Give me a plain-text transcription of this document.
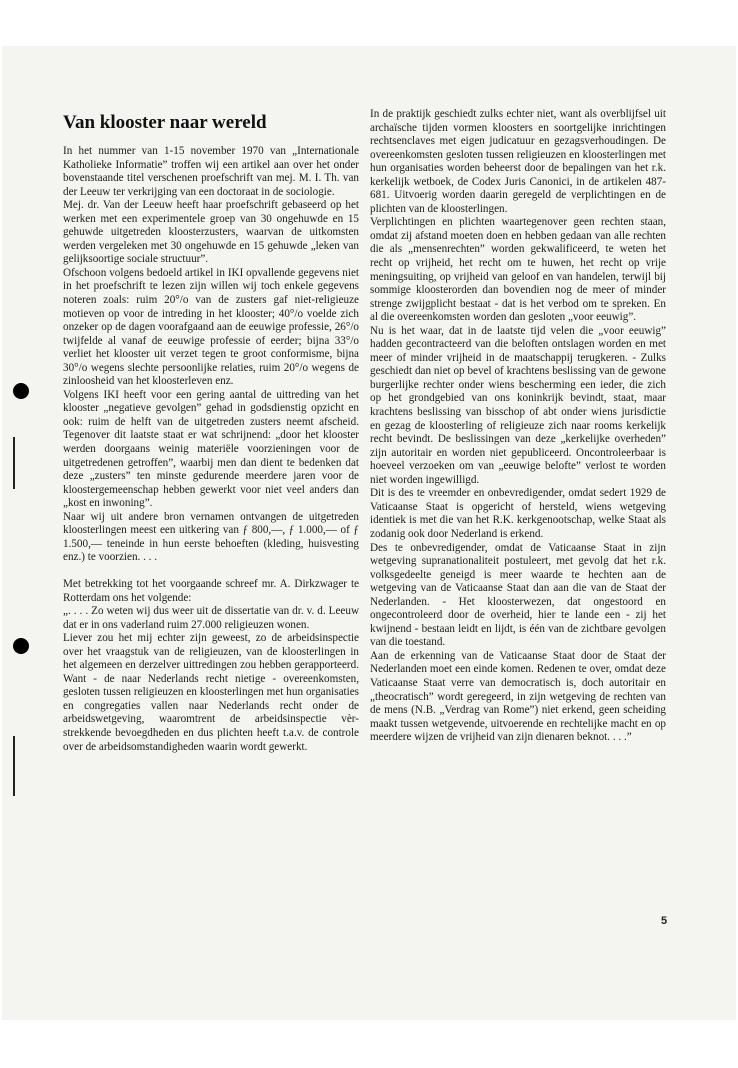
Van klooster naar wereld

In het nummer van 1-15 november 1970 van „Internationale Katholieke Informatie” troffen wij een artikel aan over het onder bovenstaande titel verschenen proefschrift van mej. M. I. Th. van der Leeuw ter verkrijging van een doctoraat in de sociologie.

Mej. dr. Van der Leeuw heeft haar proefschrift gebaseerd op het werken met een experimentele groep van 30 ongehuwde en 15 gehuwde uitgetreden kloosterzusters, waarvan de uitkomsten werden vergeleken met 30 ongehuwde en 15 gehuwde „leken van gelijksoortige sociale structuur”.

Ofschoon volgens bedoeld artikel in IKI opvallende gegevens niet in het proefschrift te lezen zijn willen wij toch enkele gegevens noteren zoals: ruim 20°/o van de zusters gaf niet-religieuze motieven op voor de intreding in het klooster; 40°/o voelde zich onzeker op de dagen voorafgaand aan de eeuwige professie, 26°/o twijfelde al vanaf de eeuwige professie of eerder; bijna 33°/o verliet het klooster uit verzet tegen te groot conformisme, bijna 30°/o wegens slechte persoonlijke relaties, ruim 20°/o wegens de zinloosheid van het kloosterleven enz.

Volgens IKI heeft voor een gering aantal de uittreding van het klooster „negatieve gevolgen” gehad in godsdienstig opzicht en ook: ruim de helft van de uitgetreden zusters neemt afscheid. Tegenover dit laatste staat er wat schrijnend: „door het klooster werden doorgaans weinig materiële voorzieningen voor de uitgetredenen getroffen”, waarbij men dan dient te bedenken dat deze „zusters” ten minste gedurende meerdere jaren voor de kloostergemeenschap hebben gewerkt voor niet veel anders dan „kost en inwoning”.

Naar wij uit andere bron vernamen ontvangen de uitgetreden kloosterlingen meest een uitkering van ƒ 800,—, ƒ 1.000,— of ƒ 1.500,— teneinde in hun eerste behoeften (kleding, huisvesting enz.) te voorzien. . . .

Met betrekking tot het voorgaande schreef mr. A. Dirkzwager te Rotterdam ons het volgende:

„. . . . Zo weten wij dus weer uit de dissertatie van dr. v. d. Leeuw dat er in ons vaderland ruim 27.000 religieuzen wonen.

Liever zou het mij echter zijn geweest, zo de arbeidsinspectie over het vraagstuk van de religieuzen, van de kloosterlingen in het algemeen en derzelver uittredingen zou hebben gerapporteerd. Want - de naar Nederlands recht nietige - overeenkomsten, gesloten tussen religieuzen en kloosterlingen met hun organisaties en congregaties vallen naar Nederlands recht onder de arbeidswetgeving, waaromtrent de arbeidsinspectie vèr-strekkende bevoegdheden en dus plichten heeft t.a.v. de controle over de arbeidsomstandigheden waarin wordt gewerkt.

In de praktijk geschiedt zulks echter niet, want als overblijfsel uit archaïsche tijden vormen kloosters en soortgelijke inrichtingen rechtsenclaves met eigen judicatuur en gezagsverhoudingen. De overeenkomsten gesloten tussen religieuzen en kloosterlingen met hun organisaties worden beheerst door de bepalingen van het r.k. kerkelijk wetboek, de Codex Juris Canonici, in de artikelen 487-681. Uitvoerig worden daarin geregeld de verplichtingen en de plichten van de kloosterlingen.

Verplichtingen en plichten waartegenover geen rechten staan, omdat zij afstand moeten doen en hebben gedaan van alle rechten die als „mensenrechten” worden gekwalificeerd, te weten het recht op vrijheid, het recht om te huwen, het recht op vrije meningsuiting, op vrijheid van geloof en van handelen, terwijl bij sommige kloosterorden dan bovendien nog de meer of minder strenge zwijgplicht bestaat - dat is het verbod om te spreken. En al die overeenkomsten worden dan gesloten „voor eeuwig”.

Nu is het waar, dat in de laatste tijd velen die „voor eeuwig” hadden gecontracteerd van die beloften ontslagen worden en met meer of minder vrijheid in de maatschappij terugkeren. - Zulks geschiedt dan niet op bevel of krachtens beslissing van de gewone burgerlijke rechter onder wiens bescherming een ieder, die zich op het grondgebied van ons koninkrijk bevindt, staat, maar krachtens beslissing van bisschop of abt onder wiens jurisdictie en gezag de kloosterling of religieuze zich naar rooms kerkelijk recht bevindt. De beslissingen van deze „kerkelijke overheden” zijn autoritair en worden niet gepubliceerd. Oncontroleerbaar is hoeveel verzoeken om van „eeuwige belofte” verlost te worden niet worden ingewilligd.

Dit is des te vreemder en onbevredigender, omdat sedert 1929 de Vaticaanse Staat is opgericht of hersteld, wiens wetgeving identiek is met die van het R.K. kerkgenootschap, welke Staat als zodanig ook door Nederland is erkend.

Des te onbevredigender, omdat de Vaticaanse Staat in zijn wetgeving supranationaliteit postuleert, met gevolg dat het r.k. volksgedeelte geneigd is meer waarde te hechten aan de wetgeving van de Vaticaanse Staat dan aan die van de Staat der Nederlanden. - Het kloosterwezen, dat ongestoord en ongecontroleerd door de overheid, hier te lande een - zij het kwijnend - bestaan leidt en lijdt, is één van de zichtbare gevolgen van die toestand.

Aan de erkenning van de Vaticaanse Staat door de Staat der Nederlanden moet een einde komen. Redenen te over, omdat deze Vaticaanse Staat verre van democratisch is, doch autoritair en „theocratisch” wordt geregeerd, in zijn wetgeving de rechten van de mens (N.B. „Verdrag van Rome”) niet erkend, geen scheiding maakt tussen wetgevende, uitvoerende en rechtelijke macht en op meerdere wijzen de vrijheid van zijn dienaren beknot. . . .”

5
